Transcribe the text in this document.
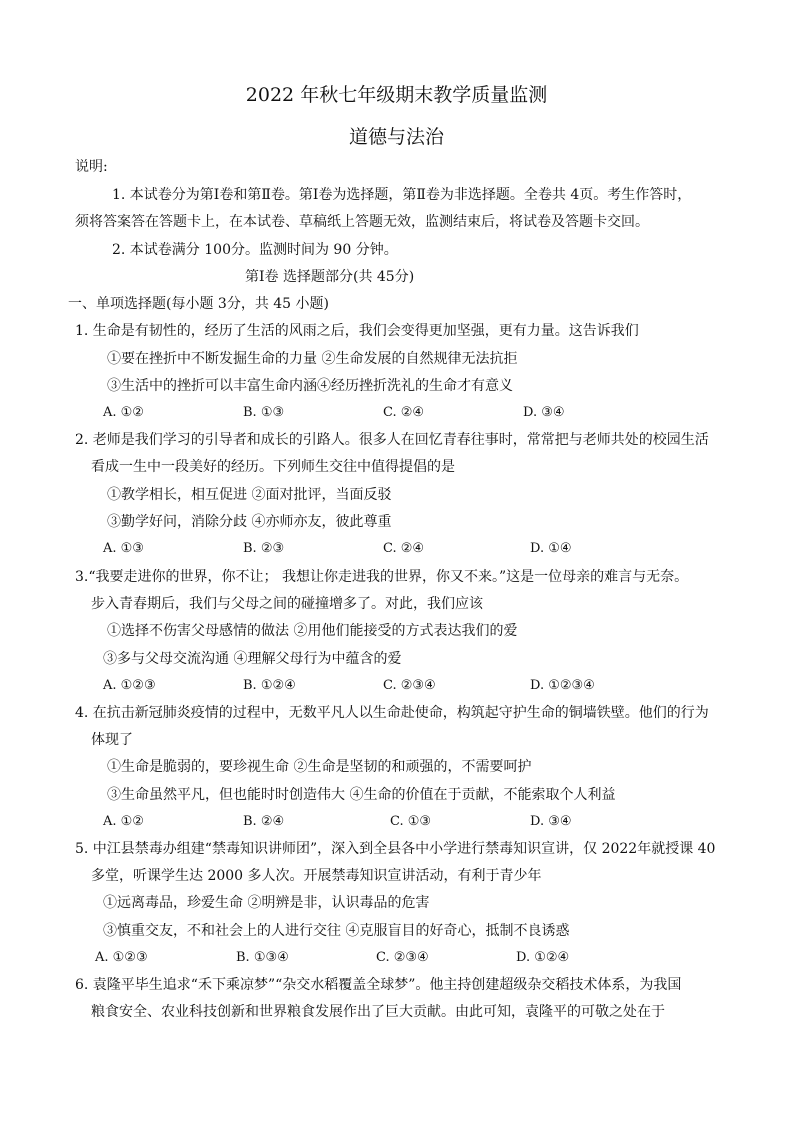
2022 年秋七年级期末教学质量监测
道德与法治
说明:
1. 本试卷分为第Ⅰ卷和第Ⅱ卷。第Ⅰ卷为选择题，第Ⅱ卷为非选择题。全卷共 4页。考生作答时，
须将答案答在答题卡上，在本试卷、草稿纸上答题无效，监测结束后，将试卷及答题卡交回。
2. 本试卷满分 100分。监测时间为 90 分钟。
第Ⅰ卷 选择题部分(共 45分)
一、单项选择题(每小题 3分，共 45 小题)
1. 生命是有韧性的，经历了生活的风雨之后，我们会变得更加坚强，更有力量。这告诉我们
①要在挫折中不断发掘生命的力量 ②生命发展的自然规律无法抗拒
③生活中的挫折可以丰富生命内涵④经历挫折洗礼的生命才有意义
A. ①②	B. ①③	C. ②④	D. ③④
2. 老师是我们学习的引导者和成长的引路人。很多人在回忆青春往事时，常常把与老师共处的校园生活
看成一生中一段美好的经历。下列师生交往中值得提倡的是
①教学相长，相互促进 ②面对批评，当面反驳
③勤学好问，消除分歧 ④亦师亦友，彼此尊重
A. ①③	B. ②③	C. ②④	D. ①④
3.“我要走进你的世界，你不让； 我想让你走进我的世界，你又不来。”这是一位母亲的难言与无奈。
步入青春期后，我们与父母之间的碰撞增多了。对此，我们应该
①选择不伤害父母感情的做法 ②用他们能接受的方式表达我们的爱
③多与父母交流沟通 ④理解父母行为中蕴含的爱
A. ①②③	B. ①②④	C. ②③④	D. ①②③④
4. 在抗击新冠肺炎疫情的过程中，无数平凡人以生命赴使命，构筑起守护生命的铜墙铁壁。他们的行为
体现了
①生命是脆弱的，要珍视生命 ②生命是坚韧的和顽强的，不需要呵护
③生命虽然平凡，但也能时时创造伟大 ④生命的价值在于贡献，不能索取个人利益
A. ①②	B. ②④	C. ①③	D. ③④
5. 中江县禁毒办组建“禁毒知识讲师团”，深入到全县各中小学进行禁毒知识宣讲，仅 2022年就授课 40
多堂，听课学生达 2000 多人次。开展禁毒知识宣讲活动，有利于青少年
①远离毒品，珍爱生命 ②明辨是非，认识毒品的危害
③慎重交友，不和社会上的人进行交往 ④克服盲目的好奇心，抵制不良诱惑
A. ①②③	B. ①③④	C. ②③④	D. ①②④
6. 袁隆平毕生追求“禾下乘凉梦”“杂交水稻覆盖全球梦”。他主持创建超级杂交稻技术体系，为我国
粮食安全、农业科技创新和世界粮食发展作出了巨大贡献。由此可知，袁隆平的可敬之处在于
